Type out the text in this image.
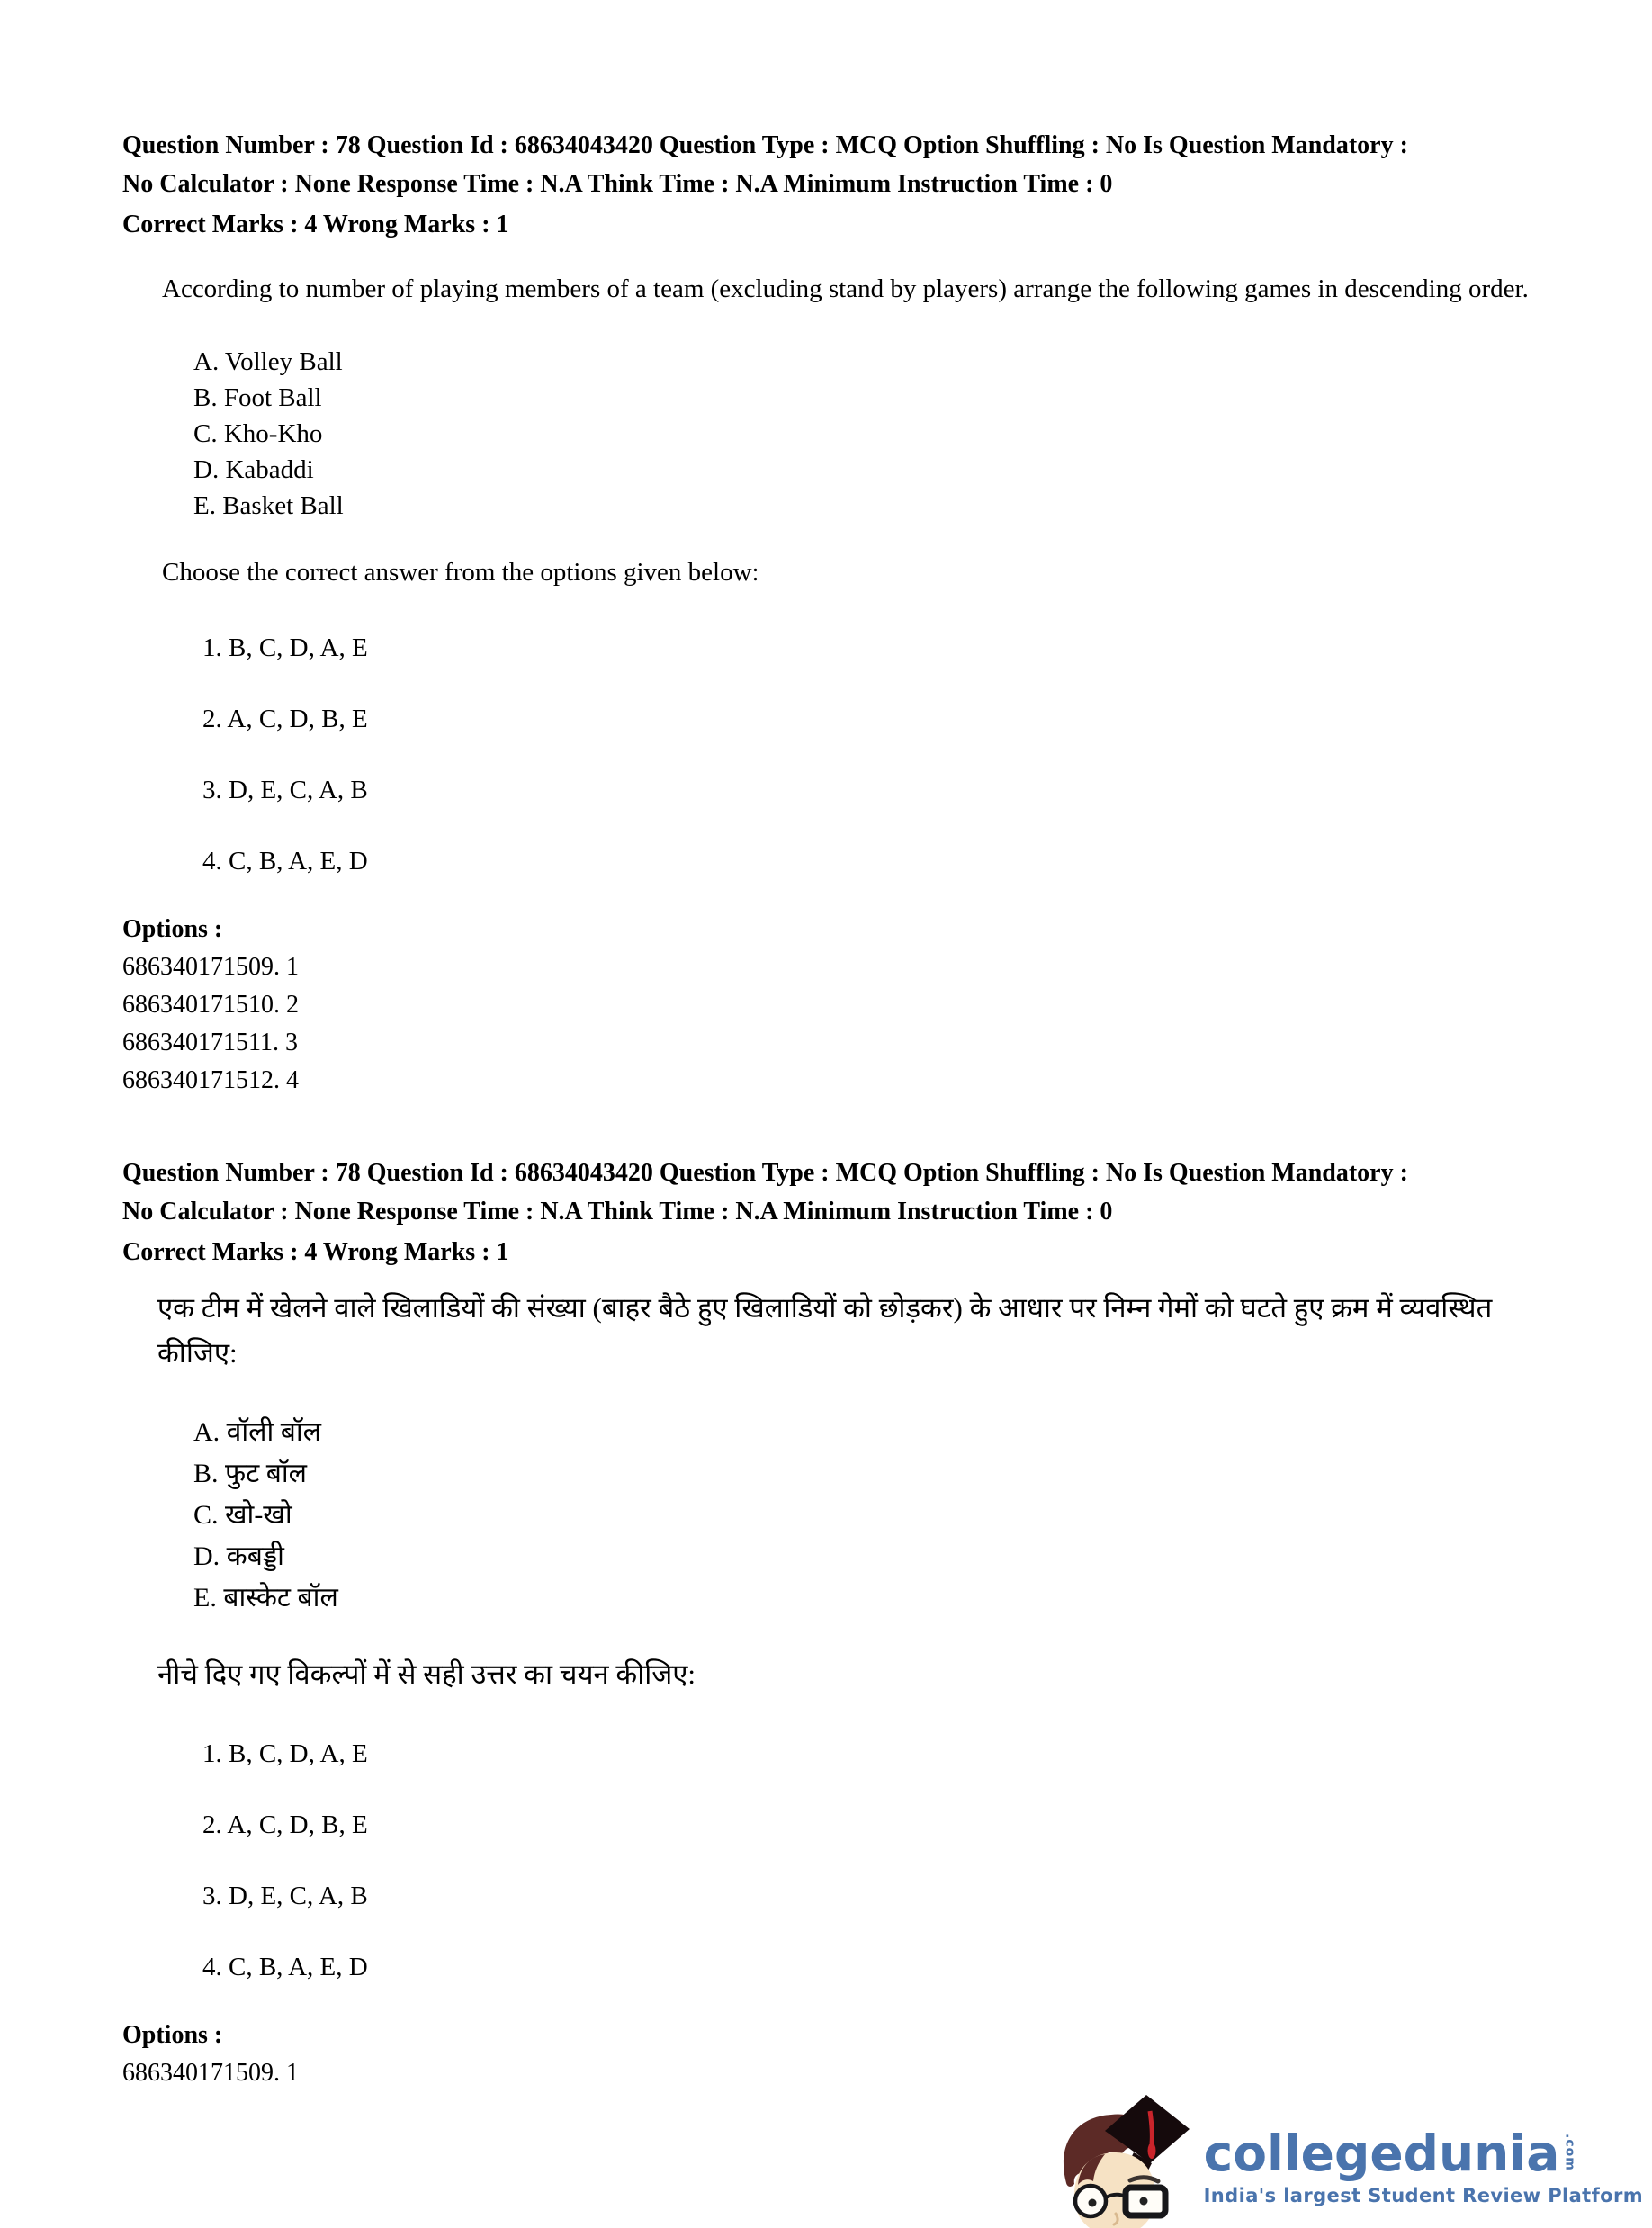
Question Number : 78 Question Id : 68634043420 Question Type : MCQ Option Shuffling : No Is Question Mandatory :
No Calculator : None Response Time : N.A Think Time : N.A Minimum Instruction Time : 0
Correct Marks : 4 Wrong Marks : 1
According to number of playing members of a team (excluding stand by players) arrange the following games in descending order.
A. Volley Ball
B. Foot Ball
C. Kho-Kho
D. Kabaddi
E. Basket Ball
Choose the correct answer from the options given below:
1. B, C, D, A, E
2. A, C, D, B, E
3. D, E, C, A, B
4. C, B, A, E, D
Options :
686340171509. 1
686340171510. 2
686340171511. 3
686340171512. 4
Question Number : 78 Question Id : 68634043420 Question Type : MCQ Option Shuffling : No Is Question Mandatory :
No Calculator : None Response Time : N.A Think Time : N.A Minimum Instruction Time : 0
Correct Marks : 4 Wrong Marks : 1
एक टीम में खेलने वाले खिलाडियों की संख्या (बाहर बैठे हुए खिलाडियों को छोड़कर) के आधार पर निम्न गेमों को घटते हुए क्रम में व्यवस्थित कीजिए:
A. वॉली बॉल
B. फुट बॉल
C. खो-खो
D. कबड्डी
E. बास्केट बॉल
नीचे दिए गए विकल्पों में से सही उत्तर का चयन कीजिए:
1. B, C, D, A, E
2. A, C, D, B, E
3. D, E, C, A, B
4. C, B, A, E, D
Options :
686340171509. 1
collegedunia .com
India's largest Student Review Platform
